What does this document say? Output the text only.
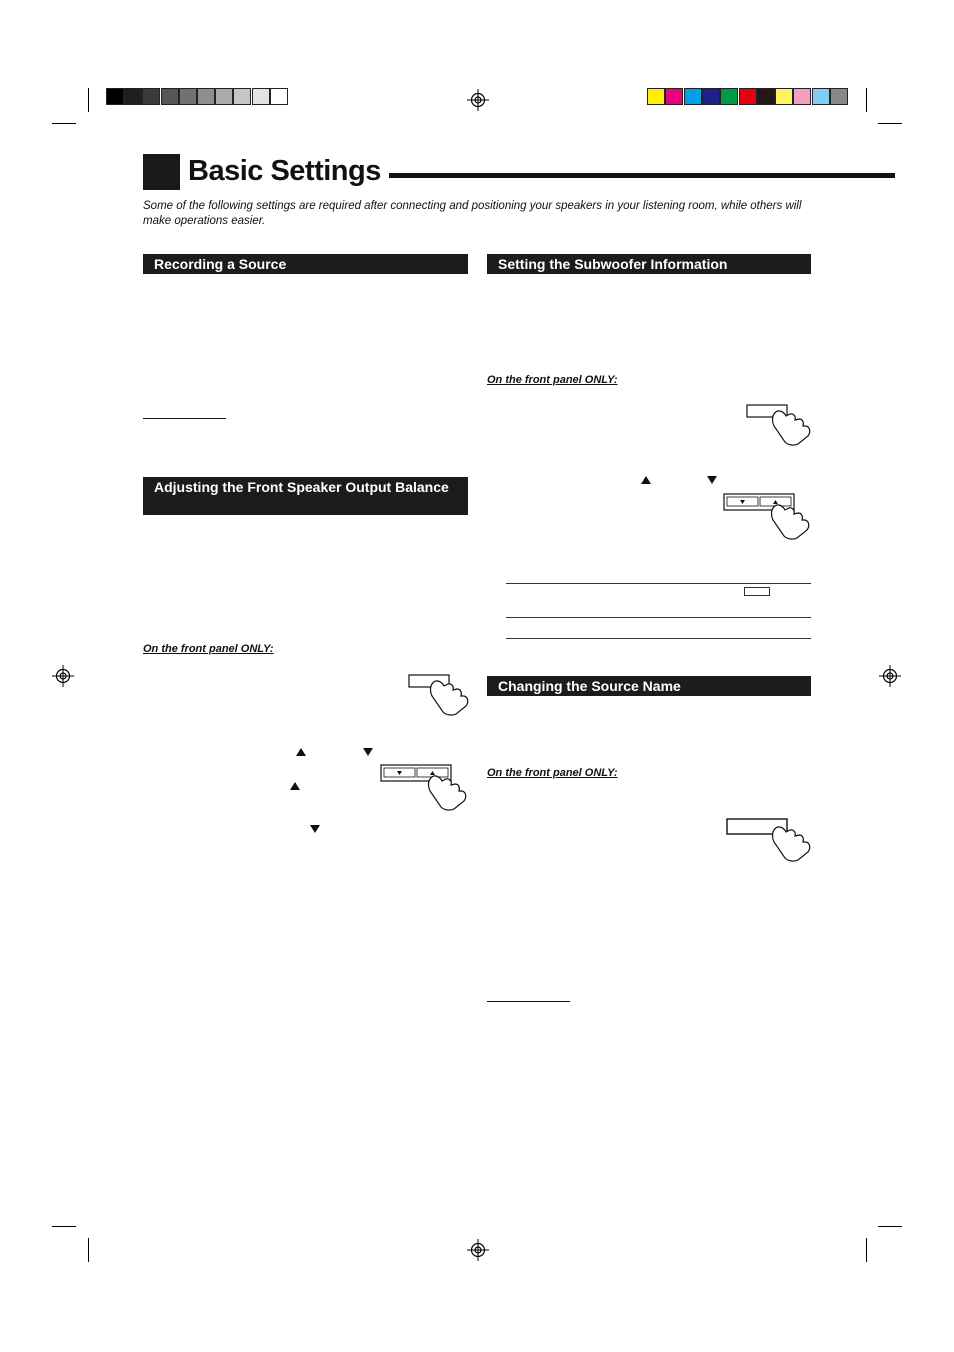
Basic Settings
Some of the following settings are required after connecting and positioning your speakers in your listening room, while others will make operations easier.
Recording a Source
Adjusting the Front Speaker Output Balance
On the front panel ONLY:
Setting the Subwoofer Information
On the front panel ONLY:
Changing the Source Name
On the front panel ONLY:
